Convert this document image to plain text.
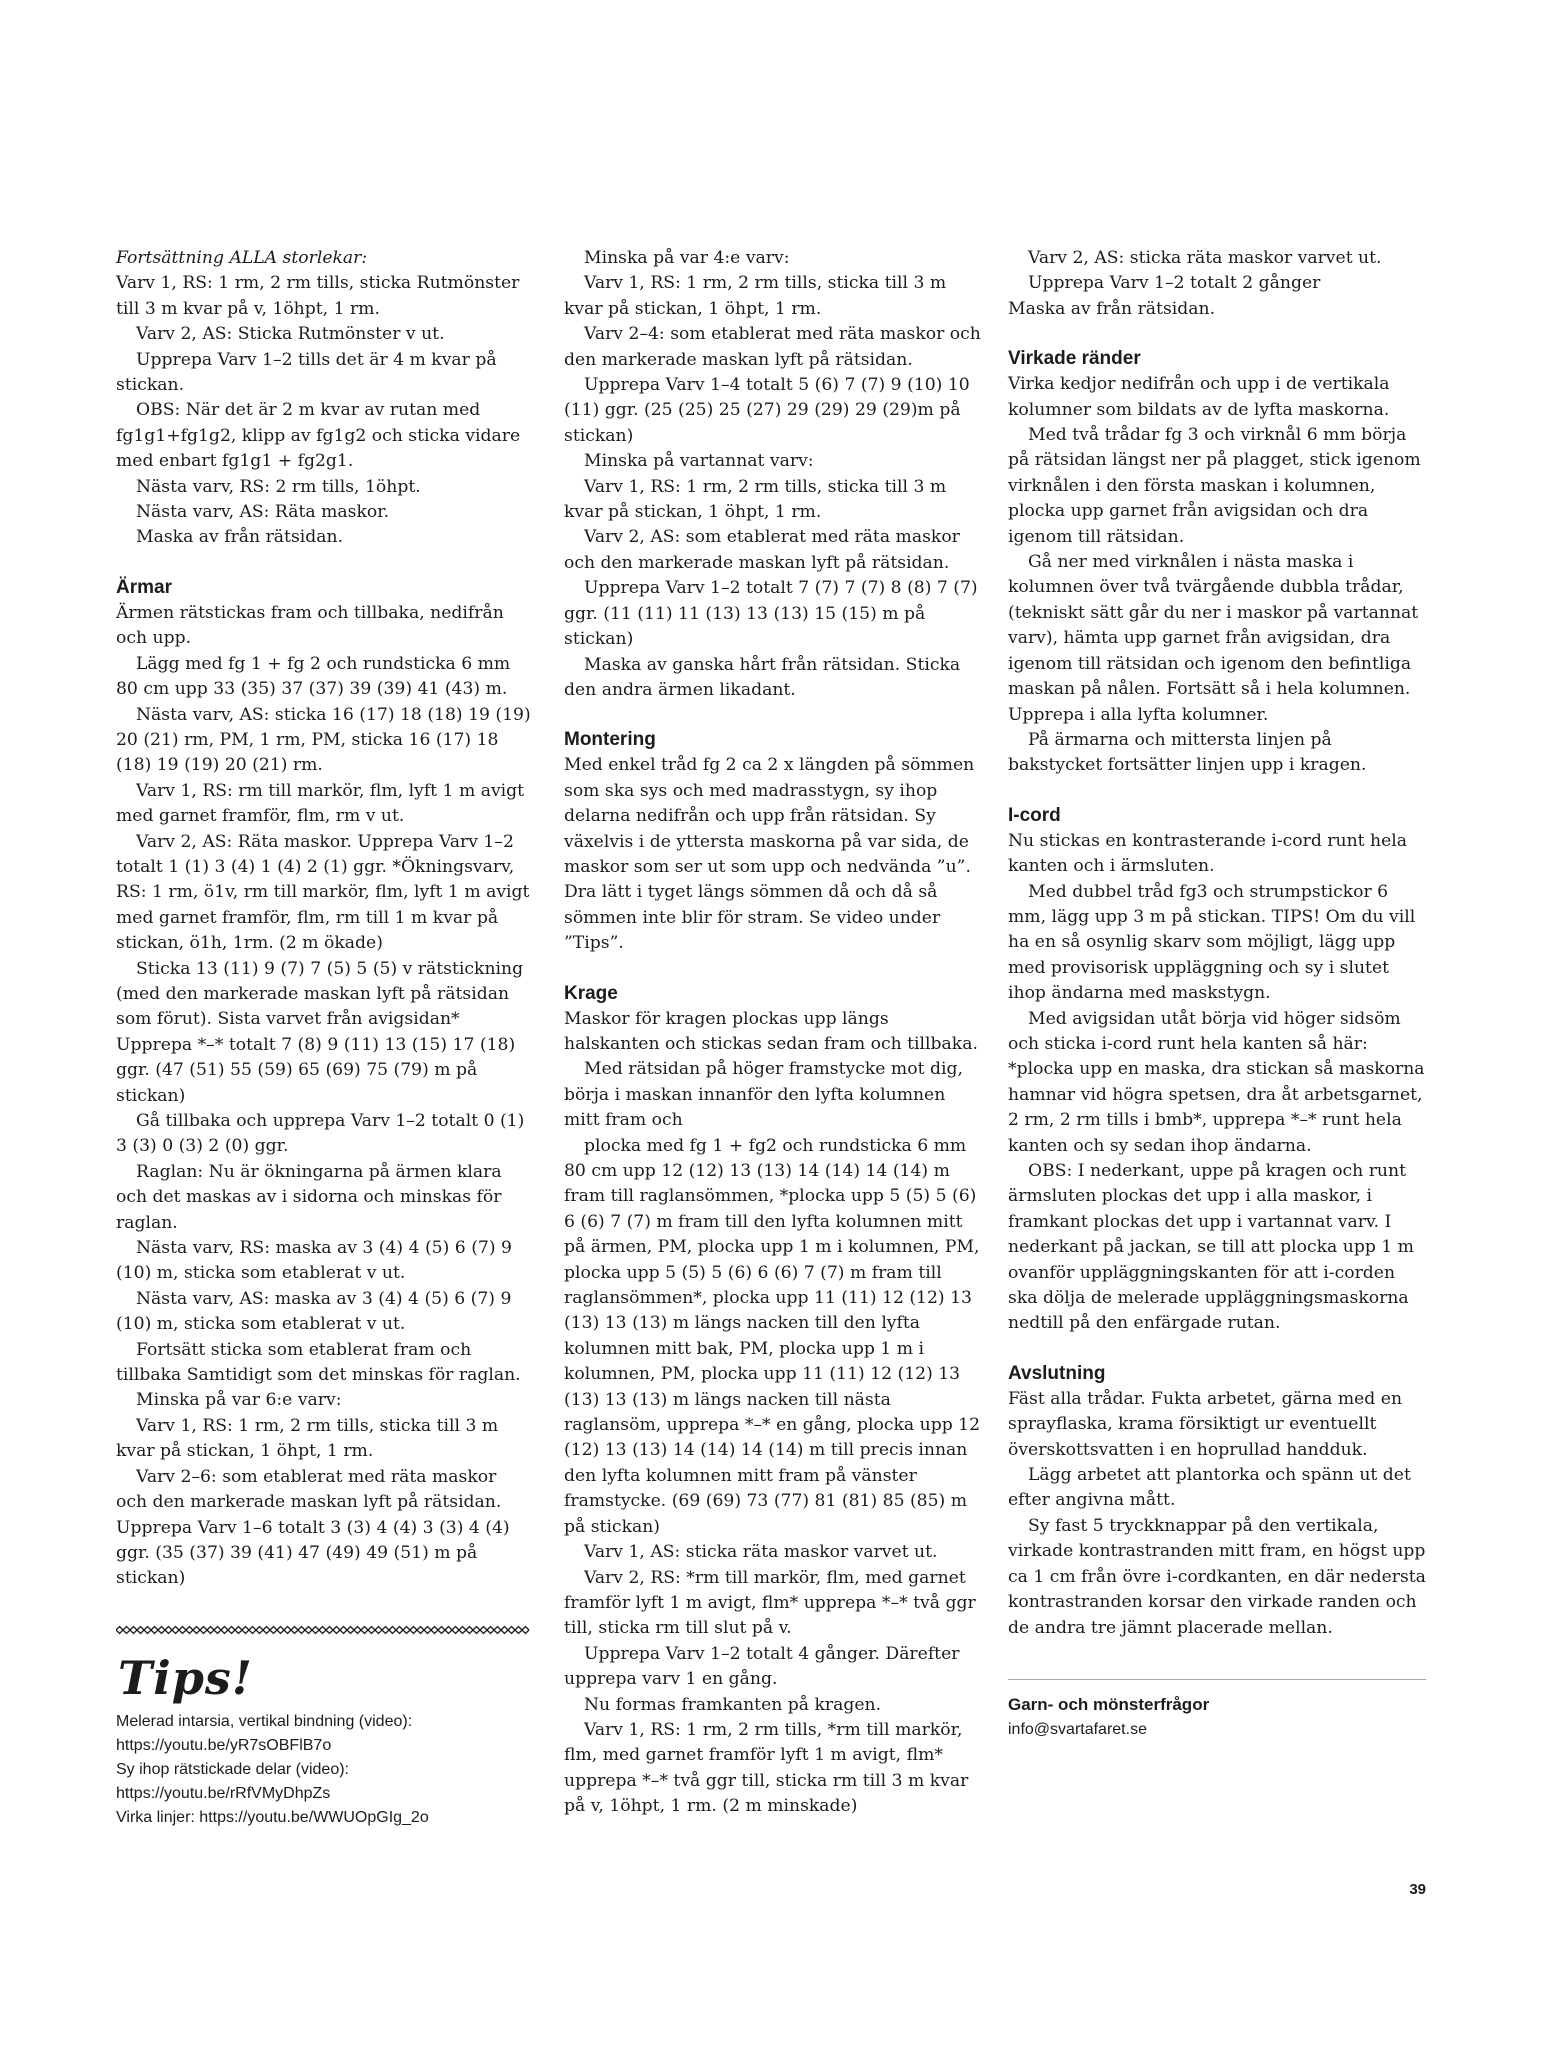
Fortsättning ALLA storlekar:

Varv 1, RS: 1 rm, 2 rm tills, sticka Rutmönster till 3 m kvar på v, 1öhpt, 1 rm.

Varv 2, AS: Sticka Rutmönster v ut.

Upprepa Varv 1–2 tills det är 4 m kvar på stickan.

OBS: När det är 2 m kvar av rutan med fg1g1+fg1g2, klipp av fg1g2 och sticka vidare med enbart fg1g1 + fg2g1.

Nästa varv, RS: 2 rm tills, 1öhpt.

Nästa varv, AS: Räta maskor.

Maska av från rätsidan.

Ärmar

Ärmen rätstickas fram och tillbaka, nedifrån och upp.

Lägg med fg 1 + fg 2 och rundsticka 6 mm 80 cm upp 33 (35) 37 (37) 39 (39) 41 (43) m.

Nästa varv, AS: sticka 16 (17) 18 (18) 19 (19) 20 (21) rm, PM, 1 rm, PM, sticka 16 (17) 18 (18) 19 (19) 20 (21) rm.

Varv 1, RS: rm till markör, flm, lyft 1 m avigt med garnet framför, flm, rm v ut.

Varv 2, AS: Räta maskor. Upprepa Varv 1–2 totalt 1 (1) 3 (4) 1 (4) 2 (1) ggr. *Ökningsvarv, RS: 1 rm, ö1v, rm till markör, flm, lyft 1 m avigt med garnet framför, flm, rm till 1 m kvar på stickan, ö1h, 1rm. (2 m ökade)

Sticka 13 (11) 9 (7) 7 (5) 5 (5) v rätstickning (med den markerade maskan lyft på rätsidan som förut). Sista varvet från avigsidan* Upprepa *–* totalt 7 (8) 9 (11) 13 (15) 17 (18) ggr. (47 (51) 55 (59) 65 (69) 75 (79) m på stickan)

Gå tillbaka och upprepa Varv 1–2 totalt 0 (1) 3 (3) 0 (3) 2 (0) ggr.

Raglan: Nu är ökningarna på ärmen klara och det maskas av i sidorna och minskas för raglan.

Nästa varv, RS: maska av 3 (4) 4 (5) 6 (7) 9 (10) m, sticka som etablerat v ut.

Nästa varv, AS: maska av 3 (4) 4 (5) 6 (7) 9 (10) m, sticka som etablerat v ut.

Fortsätt sticka som etablerat fram och tillbaka Samtidigt som det minskas för raglan.

Minska på var 6:e varv:

Varv 1, RS: 1 rm, 2 rm tills, sticka till 3 m kvar på stickan, 1 öhpt, 1 rm.

Varv 2–6: som etablerat med räta maskor och den markerade maskan lyft på rätsidan. Upprepa Varv 1–6 totalt 3 (3) 4 (4) 3 (3) 4 (4) ggr. (35 (37) 39 (41) 47 (49) 49 (51) m på stickan)

Tips!
Melerad intarsia, vertikal bindning (video):
https://youtu.be/yR7sOBFlB7o
Sy ihop rätstickade delar (video):
https://youtu.be/rRfVMyDhpZs
Virka linjer: https://youtu.be/WWUOpGIg_2o

Minska på var 4:e varv:

Varv 1, RS: 1 rm, 2 rm tills, sticka till 3 m kvar på stickan, 1 öhpt, 1 rm.

Varv 2–4: som etablerat med räta maskor och den markerade maskan lyft på rätsidan.

Upprepa Varv 1–4 totalt 5 (6) 7 (7) 9 (10) 10 (11) ggr. (25 (25) 25 (27) 29 (29) 29 (29)m på stickan)

Minska på vartannat varv:

Varv 1, RS: 1 rm, 2 rm tills, sticka till 3 m kvar på stickan, 1 öhpt, 1 rm.

Varv 2, AS: som etablerat med räta maskor och den markerade maskan lyft på rätsidan.

Upprepa Varv 1–2 totalt 7 (7) 7 (7) 8 (8) 7 (7) ggr. (11 (11) 11 (13) 13 (13) 15 (15) m på stickan)

Maska av ganska hårt från rätsidan. Sticka den andra ärmen likadant.

Montering

Med enkel tråd fg 2 ca 2 x längden på sömmen som ska sys och med madrasstygn, sy ihop delarna nedifrån och upp från rätsidan. Sy växelvis i de yttersta maskorna på var sida, de maskor som ser ut som upp och nedvända ”u”. Dra lätt i tyget längs sömmen då och då så sömmen inte blir för stram. Se video under ”Tips”.

Krage

Maskor för kragen plockas upp längs halskanten och stickas sedan fram och tillbaka.

Med rätsidan på höger framstycke mot dig, börja i maskan innanför den lyfta kolumnen mitt fram och

plocka med fg 1 + fg2 och rundsticka 6 mm 80 cm upp 12 (12) 13 (13) 14 (14) 14 (14) m fram till raglansömmen, *plocka upp 5 (5) 5 (6) 6 (6) 7 (7) m fram till den lyfta kolumnen mitt på ärmen, PM, plocka upp 1 m i kolumnen, PM, plocka upp 5 (5) 5 (6) 6 (6) 7 (7) m fram till raglansömmen*, plocka upp 11 (11) 12 (12) 13 (13) 13 (13) m längs nacken till den lyfta kolumnen mitt bak, PM, plocka upp 1 m i kolumnen, PM, plocka upp 11 (11) 12 (12) 13 (13) 13 (13) m längs nacken till nästa raglansöm, upprepa *–* en gång, plocka upp 12 (12) 13 (13) 14 (14) 14 (14) m till precis innan den lyfta kolumnen mitt fram på vänster framstycke. (69 (69) 73 (77) 81 (81) 85 (85) m på stickan)

Varv 1, AS: sticka räta maskor varvet ut.

Varv 2, RS: *rm till markör, flm, med garnet framför lyft 1 m avigt, flm* upprepa *–* två ggr till, sticka rm till slut på v.

Upprepa Varv 1–2 totalt 4 gånger. Därefter upprepa varv 1 en gång.

Nu formas framkanten på kragen.

Varv 1, RS: 1 rm, 2 rm tills, *rm till markör, flm, med garnet framför lyft 1 m avigt, flm* upprepa *–* två ggr till, sticka rm till 3 m kvar på v, 1öhpt, 1 rm. (2 m minskade)

Varv 2, AS: sticka räta maskor varvet ut.

Upprepa Varv 1–2 totalt 2 gånger

Maska av från rätsidan.

Virkade ränder

Virka kedjor nedifrån och upp i de vertikala kolumner som bildats av de lyfta maskorna.

Med två trådar fg 3 och virknål 6 mm börja på rätsidan längst ner på plagget, stick igenom virknålen i den första maskan i kolumnen, plocka upp garnet från avigsidan och dra igenom till rätsidan.

Gå ner med virknålen i nästa maska i kolumnen över två tvärgående dubbla trådar, (tekniskt sätt går du ner i maskor på vartannat varv), hämta upp garnet från avigsidan, dra igenom till rätsidan och igenom den befintliga maskan på nålen. Fortsätt så i hela kolumnen. Upprepa i alla lyfta kolumner.

På ärmarna och mittersta linjen på bakstycket fortsätter linjen upp i kragen.

I-cord

Nu stickas en kontrasterande i-cord runt hela kanten och i ärmsluten.

Med dubbel tråd fg3 och strumpstickor 6 mm, lägg upp 3 m på stickan. TIPS! Om du vill ha en så osynlig skarv som möjligt, lägg upp med provisorisk uppläggning och sy i slutet ihop ändarna med maskstygn.

Med avigsidan utåt börja vid höger sidsöm och sticka i-cord runt hela kanten så här: *plocka upp en maska, dra stickan så maskorna hamnar vid högra spetsen, dra åt arbetsgarnet, 2 rm, 2 rm tills i bmb*, upprepa *–* runt hela kanten och sy sedan ihop ändarna.

OBS: I nederkant, uppe på kragen och runt ärmsluten plockas det upp i alla maskor, i framkant plockas det upp i vartannat varv. I nederkant på jackan, se till att plocka upp 1 m ovanför uppläggningskanten för att i-corden ska dölja de melerade uppläggningsmaskorna nedtill på den enfärgade rutan.

Avslutning

Fäst alla trådar. Fukta arbetet, gärna med en sprayflaska, krama försiktigt ur eventuellt överskottsvatten i en hoprullad handduk.

Lägg arbetet att plantorka och spänn ut det efter angivna mått.

Sy fast 5 tryckknappar på den vertikala, virkade kontrastranden mitt fram, en högst upp ca 1 cm från övre i-cordkanten, en där nedersta kontrastranden korsar den virkade randen och de andra tre jämnt placerade mellan.

Garn- och mönsterfrågor
info@svartafaret.se
39
